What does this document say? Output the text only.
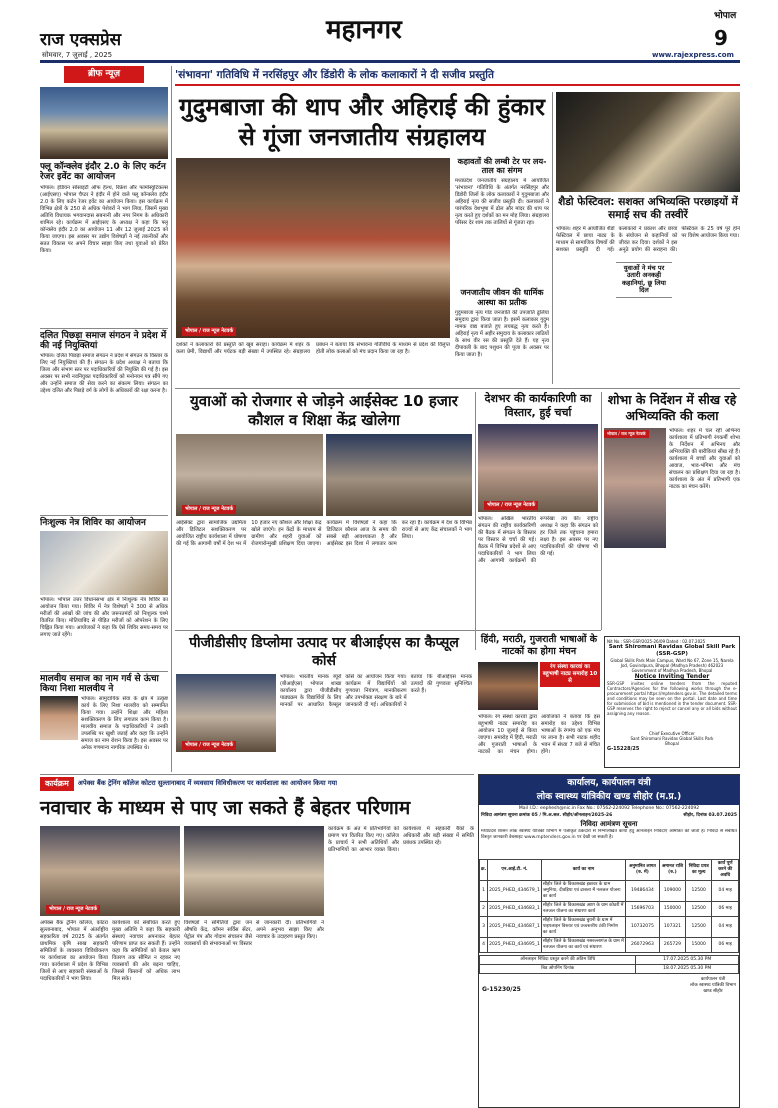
राज एक्सप्रेस
सोमवार, 7 जुलाई , 2025
महानगर	भोपाल
9
www.rajexpress.com
ब्रीफ न्यूज़
फ्लू कॉन्क्लेव इंदौर 2.0 के लिए कर्टन रेजर इवेंट का आयोजन
भोपाल। इंडियन सोसाइटी ऑफ हेल्थ, रिफ्रेश और फार्मास्युटिकल्स (आईएसए) भोपाल चैप्टर ने इंदौर में होने वाले फ्लू कॉन्क्लेव इंदौर 2.0 के लिए कर्टन रेजर इवेंट का आयोजन किया। इस कार्यक्रम में विभिन्न क्षेत्रों के 250 से अधिक पेशेवरों ने भाग लिया, जिसमें मुख्य अतिथि विधायक भगवानदास सबनानी और नगर निगम के अधिकारी शामिल रहे। कार्यक्रम में आईएसए के अध्यक्ष ने कहा कि फ्लू कॉन्क्लेव इंदौर 2.0 का आयोजन 11 और 12 जुलाई 2025 को किया जाएगा। इस अवसर पर उद्योग विशेषज्ञों ने नई तकनीकों और सतत विकास पर अपने विचार साझा किए तथा युवाओं को प्रेरित किया।
दलित पिछड़ा समाज संगठन ने प्रदेश में की नई नियुक्तियां
भोपाल। दलित पिछड़ा समाज संगठन ने प्रदेश में संगठन के विस्तार के लिए नई नियुक्तियां की हैं। संगठन के प्रदेश अध्यक्ष ने बताया कि जिला और संभाग स्तर पर पदाधिकारियों की नियुक्ति की गई है। इस अवसर पर सभी नवनियुक्त पदाधिकारियों को मनोनयन पत्र सौंपे गए और उन्होंने समाज की सेवा करने का संकल्प लिया। संगठन का उद्देश्य दलित और पिछड़े वर्ग के लोगों के अधिकारों की रक्षा करना है।
निःशुल्क नेत्र शिविर का आयोजन
भोपाल। भोपाल उत्तर विधानसभा क्षेत्र में निःशुल्क नेत्र शिविर का आयोजन किया गया। शिविर में नेत्र विशेषज्ञों ने 300 से अधिक मरीजों की आंखों की जांच की और जरूरतमंदों को निःशुल्क चश्मे वितरित किए। मोतियाबिंद से पीड़ित मरीजों को ऑपरेशन के लिए चिह्नित किया गया। आयोजकों ने कहा कि ऐसे शिविर समय-समय पर लगाए जाते रहेंगे।
मालवीय समाज का नाम गर्व से ऊंचा किया निशा मालवीय ने
भोपाल। सामुदायिक सेवा के क्षेत्र में उत्कृष्ट कार्य के लिए निशा मालवीय को सम्मानित किया गया। उन्होंने शिक्षा और महिला सशक्तिकरण के लिए लगातार काम किया है। मालवीय समाज के पदाधिकारियों ने उनकी उपलब्धि पर खुशी जताई और कहा कि उन्होंने समाज का नाम रोशन किया है। इस अवसर पर अनेक गणमान्य नागरिक उपस्थित थे।
'संभावना' गतिविधि में नरसिंहपुर और डिंडोरी के लोक कलाकारों ने दी सजीव प्रस्तुति
गुदुमबाजा की थाप और अहिराई की हुंकार से गूंजा जनजातीय संग्रहालय
भोपाल / राज न्यूज नेटवर्क
कहावतों की लम्बी टेर पर लय-ताल का संगम
मध्यप्रदेश जनजातीय संग्रहालय में आयोजित 'संभावना' गतिविधि के अंतर्गत नरसिंहपुर और डिंडोरी जिलों के लोक कलाकारों ने गुदुमबाजा और अहिराई नृत्य की सजीव प्रस्तुति दी। कलाकारों ने पारंपरिक वेशभूषा में ढोल और मांदर की थाप पर नृत्य करते हुए दर्शकों का मन मोह लिया। संग्रहालय परिसर देर शाम तक तालियों से गूंजता रहा।
जनजातीय जीवन की धार्मिक आस्था का प्रतीक
गुदुमबाजा नृत्य गोंड जनजाति की उपजाति ढुलिया समुदाय द्वारा किया जाता है। इसमें कलाकार गुदुम नामक वाद्य बजाते हुए लयबद्ध नृत्य करते हैं। अहिराई नृत्य में अहीर समुदाय के कलाकार लाठियों के साथ वीर रस की प्रस्तुति देते हैं। यह नृत्य दीपावली के बाद पशुधन की पूजा के अवसर पर किया जाता है।
दर्शकों ने कलाकारों की प्रस्तुति को खूब सराहा। कार्यक्रम में शहर के कला प्रेमी, विद्यार्थी और पर्यटक बड़ी संख्या में उपस्थित रहे। संग्रहालय प्रबंधन ने बताया कि संभावना गतिविधि के माध्यम से प्रदेश की विलुप्त होती लोक कलाओं को मंच प्रदान किया जा रहा है।
शैडो फेस्टिवल: सशक्त अभिव्यक्ति परछाइयों में समाई सच की तस्वीरें
भोपाल। शहर में आयोजित शैडो फेस्टिवल में छाया नाट्य के माध्यम से सामाजिक विषयों की सशक्त प्रस्तुति दी गई। कलाकारों ने प्रकाश और छाया के संयोजन से कहानियों को जीवंत कर दिया। दर्शकों ने इस अनूठे प्रयोग की सराहना की। फेस्टिवल के 25 वर्ष पूरे होने पर विशेष आयोजन किया गया।
युवाओं ने मंच पर उतारी अनकही कहानियां, छू लिया दिल
युवाओं को रोजगार से जोड़ने आईसेक्ट 10 हजार कौशल व शिक्षा केंद्र खोलेगा
भोपाल / राज न्यूज नेटवर्क
आईसेक्ट द्वारा सामाजिक उद्यमिता और डिजिटल सशक्तिकरण पर आयोजित राष्ट्रीय कार्यशाला में घोषणा की गई कि आगामी वर्षों में देश भर में 10 हजार नए कौशल और शिक्षा केंद्र खोले जाएंगे। इन केंद्रों के माध्यम से ग्रामीण और शहरी युवाओं को रोजगारोन्मुखी प्रशिक्षण दिया जाएगा। कार्यक्रम में विशेषज्ञों ने कहा कि डिजिटल कौशल आज के समय की सबसे बड़ी आवश्यकता है और आईसेक्ट इस दिशा में लगातार काम कर रहा है। कार्यक्रम में देश के विभिन्न राज्यों से आए केंद्र संचालकों ने भाग लिया।
देशभर की कार्यकारिणी का विस्तार, हुई चर्चा
भोपाल / राज न्यूज नेटवर्क
भोपाल। अखिल भारतीय संगठन की राष्ट्रीय कार्यकारिणी की बैठक में संगठन के विस्तार पर विस्तार से चर्चा की गई। बैठक में विभिन्न प्रदेशों से आए पदाधिकारियों ने भाग लिया और आगामी कार्यक्रमों की रूपरेखा तय की। राष्ट्रीय अध्यक्ष ने कहा कि संगठन को हर जिले तक पहुंचाना हमारा लक्ष्य है। इस अवसर पर नए पदाधिकारियों की घोषणा भी की गई।
शोभा के निर्देशन में सीख रहे अभिव्यक्ति की कला
भोपाल। शहर में चल रही अभिनय कार्यशाला में प्रतिभागी रंगकर्मी शोभा के निर्देशन में अभिनय और अभिव्यक्ति की बारीकियां सीख रहे हैं। कार्यशाला में बच्चों और युवाओं को आवाज, भाव-भंगिमा और मंच संचालन का प्रशिक्षण दिया जा रहा है। कार्यशाला के अंत में प्रतिभागी एक नाटक का मंचन करेंगे।
भोपाल / राज न्यूज नेटवर्क
पीजीडीसीए डिप्लोमा उत्पाद पर बीआईएस का कैप्सूल कोर्स
भोपाल / राज न्यूज नेटवर्क
भोपाल। भारतीय मानक ब्यूरो (बीआईएस) भोपाल शाखा कार्यालय द्वारा पीजीडीसीए पाठ्यक्रम के विद्यार्थियों के लिए मानकों पर आधारित कैप्सूल कोर्स का आयोजन किया गया। कार्यक्रम में विद्यार्थियों को गुणवत्ता नियंत्रण, मानकीकरण और उपभोक्ता संरक्षण के बारे में जानकारी दी गई। अधिकारियों ने बताया कि बीआईएस मानक उत्पादों की गुणवत्ता सुनिश्चित करते हैं।
हिंदी, मराठी, गुजराती भाषाओं के नाटकों का होगा मंचन
रंग संस्था कारवां का बहुभाषी नाट्य समारोह 10 से
भोपाल। रंग संस्था कारवां द्वारा बहुभाषी नाट्य समारोह का आयोजन 10 जुलाई से किया जाएगा। समारोह में हिंदी, मराठी और गुजराती भाषाओं के नाटकों का मंचन होगा। आयोजकों ने बताया कि इस समारोह का उद्देश्य विभिन्न भाषाओं के रंगमंच को एक मंच पर लाना है। सभी नाटक शहीद भवन में संध्या 7 बजे से मंचित होंगे।
Nit No.: SSR-GSP/2025-26/09 Dated : 02.07.2025
Sant Shiromani Ravidas Global Skill Park (SSR-GSP)
Global Skills Park Main Campus, Ward No 67, Zone 15, Narela Jod, Govindpura, Bhopal (Madhya Pradesh) 462023
Government of Madhya Pradesh, Bhopal
Notice Inviting Tender
SSR-GSP invites online tenders from the reputed Contractors/Agencies for the following works through the e-procurement portal https://mptenders.gov.in. The detailed terms and conditions may be seen on the portal. Last date and time for submission of bid is mentioned in the tender document. SSR-GSP reserves the right to reject or cancel any or all bids without assigning any reason.
Chief Executive Officer
Sant Shiromani Ravidas Global Skills Park
Bhopal
G-15228/25
कार्यालय, कार्यपालन यंत्री
लोक स्वास्थ्य यांत्रिकीय खण्ड सीहोर (म.प्र.)
Mail I.D.: eephesh@nic.in Fax No.: 07562-224092 Telephone No.: 07562-224092
निविदा आमंत्रण सूचना क्रमांक 05 / मि.अ.सल. सीहोर/ऑनलाइन/2025-26	सीहोर, दिनांक 03.07.2025
निविदा आमंत्रण सूचना
मध्यप्रदेश शासन लोक स्वास्थ्य यांत्रिकी विभाग में पंजीकृत ठेकेदारों से निम्नलिखित कार्यों हेतु ऑनलाइन निविदाएं आमंत्रित की जाती हैं। निविदा से संबंधित विस्तृत जानकारी वेबसाइट www.mptenders.gov.in पर देखी जा सकती है।
क्र.	एन.आई.टी. नं.	कार्य का नाम	अनुमानित लागत (रु. में)	अमानत राशि (रु.)	निविदा प्रपत्र का मूल्य	कार्य पूर्ण करने की अवधि
1	2025_PHED_434679_1	सीहोर जिले के विकासखंड इछावर के ग्राम जमुनिया, दीवड़िया एवं ढाबला में नलजल योजना का कार्य	19486434	109000	12500	04 माह
2	2025_PHED_434683_1	सीहोर जिले के विकासखंड आष्टा के ग्राम कोठरी में नलजल योजना का संधारण कार्य	15696703	150000	12500	06 माह
3	2025_PHED_434687_1	सीहोर जिले के विकासखंड बुधनी के ग्राम में पाइपलाइन विस्तार एवं उच्चस्तरीय टंकी निर्माण का कार्य	10732075	107321	12500	04 माह
4	2025_PHED_434695_1	सीहोर जिले के विकासखंड नसरुल्लागंज के ग्राम में नलजल योजना का कार्य एवं संधारण	26072963	265729	15000	06 माह
ऑनलाइन निविदा प्रस्तुत करने की अंतिम तिथि	17.07.2025 05.30 PM
बिड ओपनिंग दिनांक	18.07.2025 05.30 PM
G-15230/25
कार्यपालन यंत्री
लोक स्वास्थ्य यांत्रिकी विभाग
खण्ड सीहोर
कार्यक्रम	अपेक्स बैंक ट्रेनिंग कॉलेज कोटरा सुल्तानाबाद में व्यवसाय विविधीकरण पर कार्यशाला का आयोजन किया गया
नवाचार के माध्यम से पाए जा सकते हैं बेहतर परिणाम
भोपाल / राज न्यूज नेटवर्क
अपेक्स बैंक ट्रेनिंग कॉलेज, कोटरा सुल्तानाबाद, भोपाल में अंतर्राष्ट्रीय सहकारिता वर्ष 2025 के अंतर्गत प्राथमिक कृषि साख सहकारी समितियों के व्यवसाय विविधीकरण पर कार्यशाला का आयोजन किया गया। कार्यशाला में प्रदेश के विभिन्न जिलों से आए सहकारी संस्थाओं के पदाधिकारियों ने भाग लिया।
कार्यशाला को संबोधित करते हुए मुख्य अतिथि ने कहा कि सहकारी संस्थाएं नवाचार अपनाकर बेहतर परिणाम प्राप्त कर सकती हैं। उन्होंने कहा कि समितियों को केवल ऋण वितरण तक सीमित न रहकर नए व्यवसायों की ओर बढ़ना चाहिए, जिससे किसानों को अधिक लाभ मिल सके।
विशेषज्ञों ने समितियों द्वारा जन औषधि केंद्र, कॉमन सर्विस सेंटर, पेट्रोल पंप और गोदाम संचालन जैसे व्यवसायों की संभावनाओं पर विस्तार से जानकारी दी। प्रतिभागियों ने अपने अनुभव साझा किए और नवाचार के उदाहरण प्रस्तुत किए।
कार्यक्रम के अंत में प्रतिभागियों को प्रमाण पत्र वितरित किए गए। कॉलेज के प्राचार्य ने सभी अतिथियों और प्रतिभागियों का आभार व्यक्त किया। कार्यशाला में सहकारी बैंकों के अधिकारी और बड़ी संख्या में समिति प्रबंधक उपस्थित रहे।
